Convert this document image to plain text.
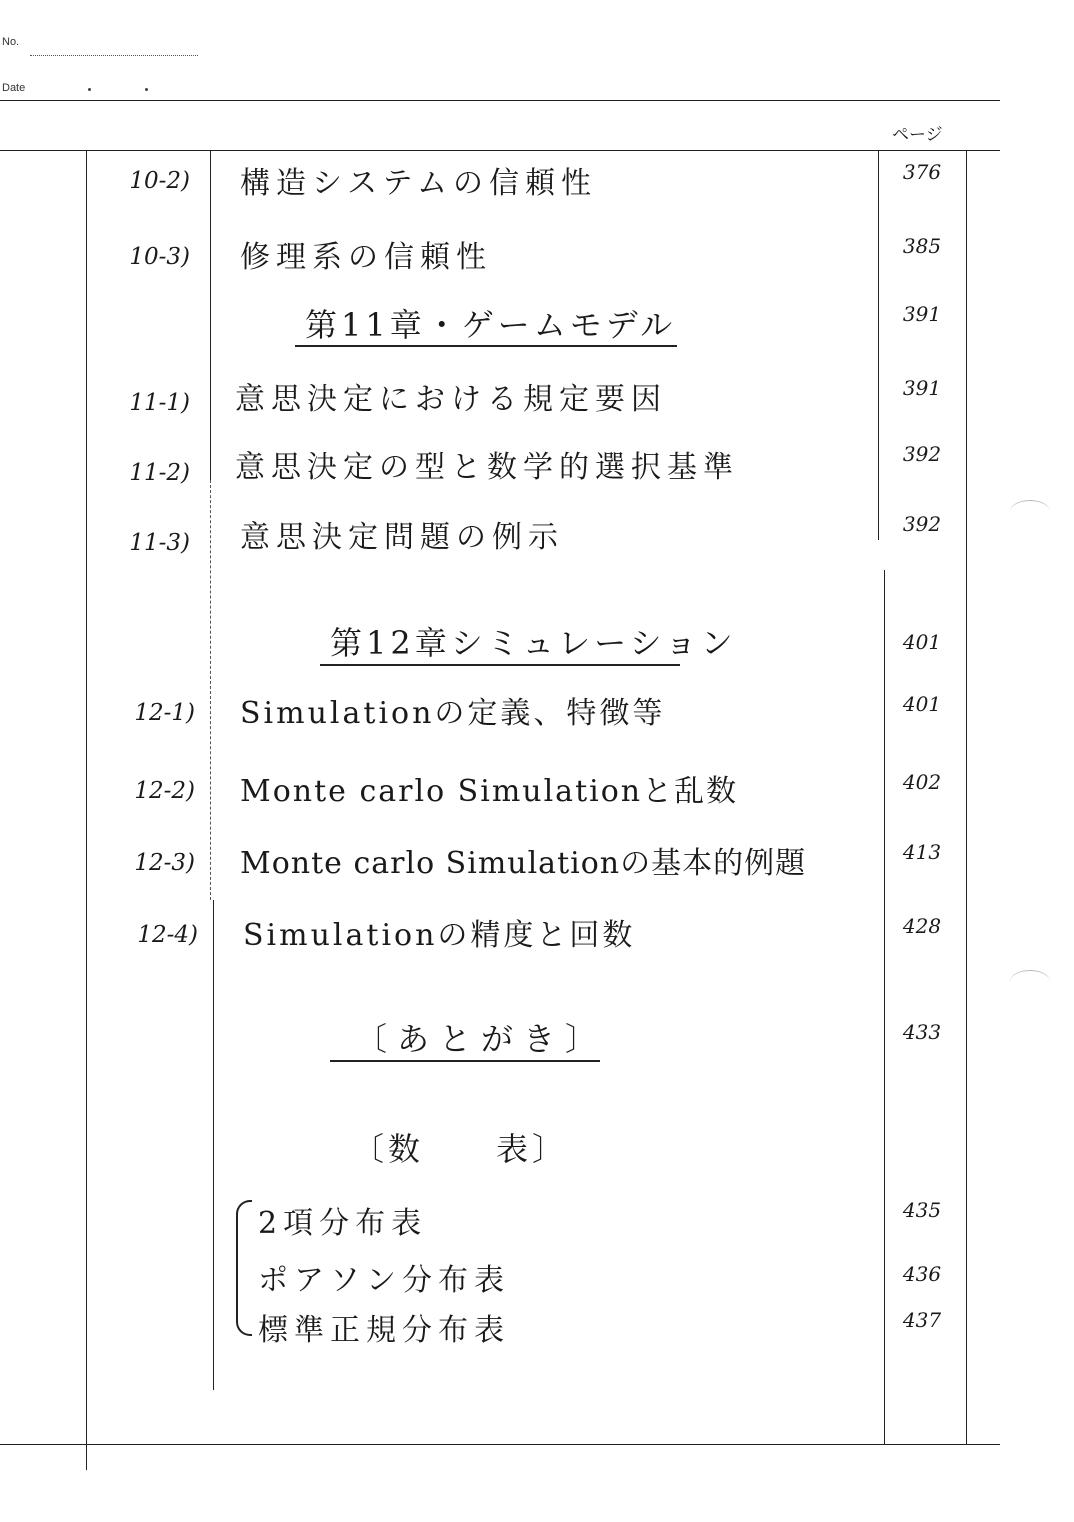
No.
Date
ページ
10-2) 構造システムの信頼性	376
10-3) 修理系の信頼性	385
第11章・ゲームモデル	391
11-1) 意思決定における規定要因	391
11-2) 意思決定の型と数学的選択基準	392
11-3) 意思決定問題の例示	392
第12章シミュレーション	401
12-1) Simulationの定義、特徴等	401
12-2) Monte carlo Simulationと乱数	402
12-3) Monte carlo Simulationの基本的例題	413
12-4) Simulationの精度と回数	428
〔あとがき〕	433
〔数　　表〕
2項分布表	435
ポアソン分布表	436
標準正規分布表	437
